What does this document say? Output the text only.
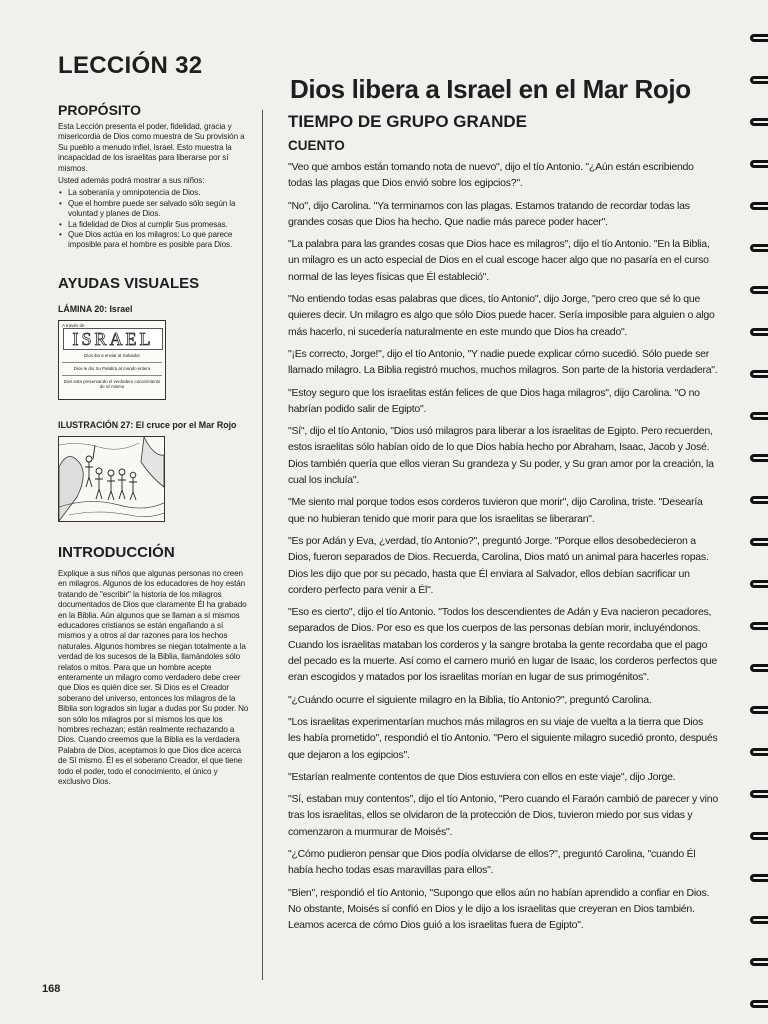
LECCIÓN 32
PROPÓSITO

Esta Lección presenta el poder, fidelidad, gracia y misericordia de Dios como muestra de Su provisión a Su pueblo a menudo infiel, Israel. Esto muestra la incapacidad de los israelitas para liberarse por sí mismos.

Usted además podrá mostrar a sus niños:

• La soberanía y omnipotencia de Dios.
• Que el hombre puede ser salvado sólo según la voluntad y planes de Dios.
• La fidelidad de Dios al cumplir Sus promesas.
• Que Dios actúa en los milagros: Lo que parece imposible para el hombre es posible para Dios.
AYUDAS VISUALES
LÁMINA 20: Israel
A través de
ISRAEL
Dios iba a enviar al Salvador
Dios le dio Su Palabra al mundo entero
Dios esta preservando el verdadero conocimiento de Sí mismo
ILUSTRACIÓN 27: El cruce por el Mar Rojo
INTRODUCCIÓN

Explique a sus niños que algunas personas no creen en milagros. Algunos de los educadores de hoy están tratando de "escribir" la historia de los milagros documentados de Dios que claramente Él ha grabado en la Biblia. Aún algunos que se llaman a sí mismos educadores cristianos se están engañando a sí mismos y a otros al dar razones para los hechos naturales. Algunos hombres se niegan totalmente a la verdad de los sucesos de la Biblia, llamándoles sólo relatos o mitos. Para que un hombre acepte enteramente un milagro como verdadero debe creer que Dios es quién dice ser. Si Dios es el Creador soberano del universo, entonces los milagros de la Biblia son logrados sin lugar a dudas por Su poder. No son sólo los milagros por sí mismos los que los hombres rechazan; están realmente rechazando a Dios. Cuando creemos que la Biblia es la verdadera Palabra de Dios, aceptamos lo que Dios dice acerca de Sí mismo. Él es el soberano Creador, el que tiene todo el poder, todo el conocimiento, el único y exclusivo Dios.

Dios libera a Israel en el Mar Rojo
TIEMPO DE GRUPO GRANDE
CUENTO

"Veo que ambos están tomando nota de nuevo", dijo el tío Antonio. "¿Aún están escribiendo todas las plagas que Dios envió sobre los egipcios?".

"No", dijo Carolina. "Ya terminamos con las plagas. Estamos tratando de recordar todas las grandes cosas que Dios ha hecho. Que nadie más parece poder hacer".

"La palabra para las grandes cosas que Dios hace es milagros", dijo el tío Antonio. "En la Biblia, un milagro es un acto especial de Dios en el cual escoge hacer algo que no pasaría en el curso normal de las leyes físicas que Él estableció".

"No entiendo todas esas palabras que dices, tío Antonio", dijo Jorge, "pero creo que sé lo que quieres decir. Un milagro es algo que sólo Dios puede hacer. Sería imposible para alguien o algo más hacerlo, ni sucedería naturalmente en este mundo que Dios ha creado".

"¡Es correcto, Jorge!", dijo el tío Antonio, "Y nadie puede explicar cómo sucedió. Sólo puede ser llamado milagro. La Biblia registró muchos, muchos milagros. Son parte de la historia verdadera".

"Estoy seguro que los israelitas están felices de que Dios haga milagros", dijo Carolina. "O no habrían podido salir de Egipto".

"Sí", dijo el tío Antonio, "Dios usó milagros para liberar a los israelitas de Egipto. Pero recuerden, estos israelitas sólo habían oído de lo que Dios había hecho por Abraham, Isaac, Jacob y José. Dios también quería que ellos vieran Su grandeza y Su poder, y Su gran amor por la creación, la cual los incluía".

"Me siento mal porque todos esos corderos tuvieron que morir", dijo Carolina, triste. "Desearía que no hubieran tenido que morir para que los israelitas se liberaran".

"Es por Adán y Eva, ¿verdad, tío Antonio?", preguntó Jorge. "Porque ellos desobedecieron a Dios, fueron separados de Dios. Recuerda, Carolina, Dios mató un animal para hacerles ropas. Dios les dijo que por su pecado, hasta que Él enviara al Salvador, ellos debían sacrificar un cordero perfecto para venir a Él".

"Eso es cierto", dijo el tío Antonio. "Todos los descendientes de Adán y Eva nacieron pecadores, separados de Dios. Por eso es que los cuerpos de las personas debían morir, incluyéndonos. Cuando los israelitas mataban los corderos y la sangre brotaba la gente recordaba que el pago del pecado es la muerte. Así como el carnero murió en lugar de Isaac, los corderos perfectos que eran escogidos y matados por los israelitas morían en lugar de sus primogénitos".

"¿Cuándo ocurre el siguiente milagro en la Biblia, tío Antonio?", preguntó Carolina.

"Los israelitas experimentarían muchos más milagros en su viaje de vuelta a la tierra que Dios les había prometido", respondió el tío Antonio. "Pero el siguiente milagro sucedió pronto, después que dejaron a los egipcios".

"Estarían realmente contentos de que Dios estuviera con ellos en este viaje", dijo Jorge.

"Sí, estaban muy contentos", dijo el tío Antonio, "Pero cuando el Faraón cambió de parecer y vino tras los israelitas, ellos se olvidaron de la protección de Dios, tuvieron miedo por sus vidas y comenzaron a murmurar de Moisés".

"¿Cómo pudieron pensar que Dios podía olvidarse de ellos?", preguntó Carolina, "cuando Él había hecho todas esas maravillas para ellos".

"Bien", respondió el tío Antonio, "Supongo que ellos aún no habían aprendido a confiar en Dios. No obstante, Moisés sí confió en Dios y le dijo a los israelitas que creyeran en Dios también. Leamos acerca de cómo Dios guió a los israelitas fuera de Egipto".

168
